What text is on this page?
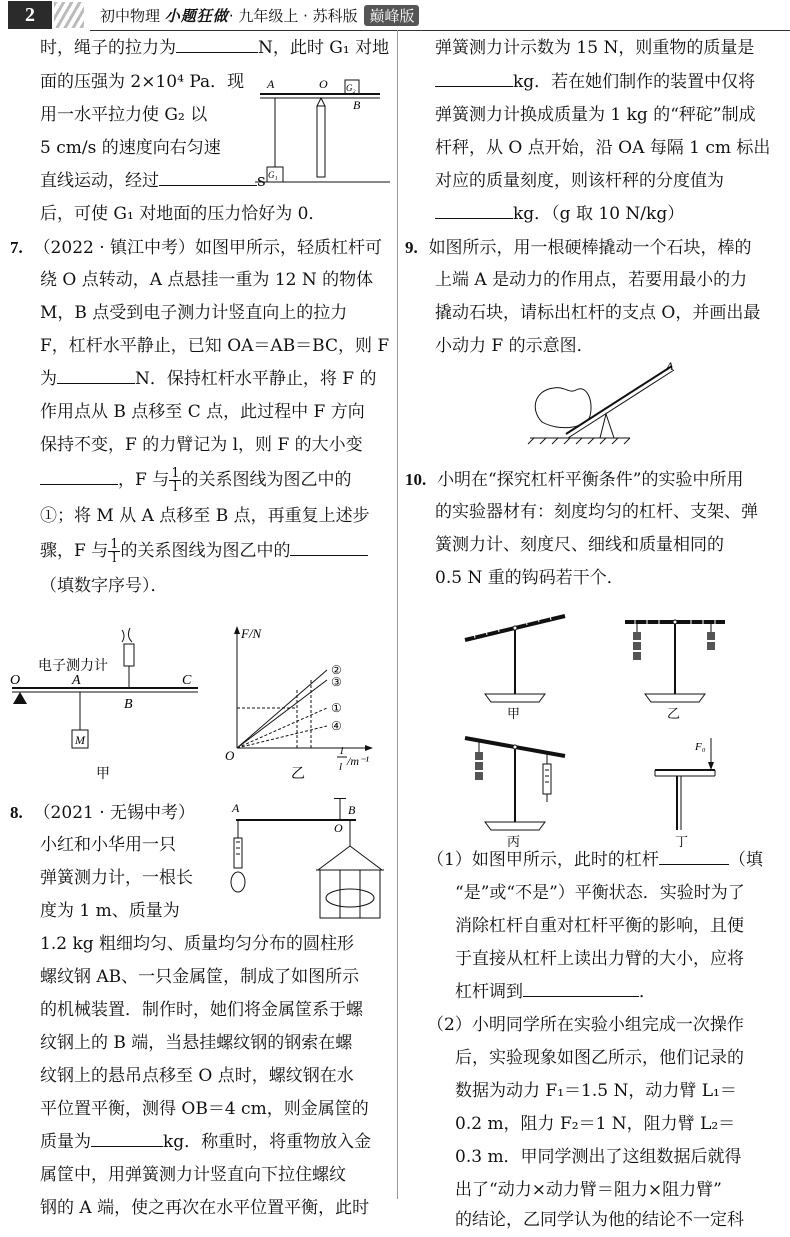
2	初中物理 小题狂做· 九年级上 · 苏科版 巅峰版
时，绳子的拉力为	N，此时 G₁ 对地
面的压强为 2×10⁴ Pa．现
用一水平拉力使 G₂ 以
5 cm/s 的速度向右匀速
直线运动，经过	s
后，可使 G₁ 对地面的压力恰好为 0．
A	O G₂
B
G₁
7. （2022 · 镇江中考）如图甲所示，轻质杠杆可
绕 O 点转动，A 点悬挂一重为 12 N 的物体
M，B 点受到电子测力计竖直向上的拉力
F，杠杆水平静止，已知 OA＝AB＝BC，则 F
为	N．保持杠杆水平静止，将 F 的
作用点从 B 点移至 C 点，此过程中 F 方向
保持不变，F 的力臂记为 l，则 F 的大小变
，F 与 $\frac{1}{l}$ 的关系图线为图乙中的
①；将 M 从 A 点移至 B 点，再重复上述步
骤，F 与 $\frac{1}{l}$ 的关系图线为图乙中的
（填数字序号）．
电子测力计
O	A
B
C
M
甲
F/N
O	1
l /m⁻¹
②
③
①
④
乙
8. （2021 · 无锡中考）
小红和小华用一只
弹簧测力计，一根长
度为 1 m、质量为
1.2 kg 粗细均匀、质量均匀分布的圆柱形
螺纹钢 AB、一只金属筐，制成了如图所示
的机械装置．制作时，她们将金属筐系于螺
纹钢上的 B 端，当悬挂螺纹钢的钢索在螺
纹钢上的悬吊点移至 O 点时，螺纹钢在水
平位置平衡，测得 OB＝4 cm，则金属筐的
质量为	kg．称重时，将重物放入金
属筐中，用弹簧测力计竖直向下拉住螺纹
钢的 A 端，使之再次在水平位置平衡，此时
A	B
O
弹簧测力计示数为 15 N，则重物的质量是
kg．若在她们制作的装置中仅将
弹簧测力计换成质量为 1 kg 的“秤砣”制成
杆秤，从 O 点开始，沿 OA 每隔 1 cm 标出
对应的质量刻度，则该杆秤的分度值为
kg．（g 取 10 N/kg）
9. 如图所示，用一根硬棒撬动一个石块，棒的
上端 A 是动力的作用点，若要用最小的力
撬动石块，请标出杠杆的支点 O，并画出最
小动力 F 的示意图．
A
10. 小明在“探究杠杆平衡条件”的实验中所用
的实验器材有：刻度均匀的杠杆、支架、弹
簧测力计、刻度尺、细线和质量相同的
0.5 N 重的钩码若干个．
甲	乙
丙
F₀
丁
（1）如图甲所示，此时的杠杆	（填
“是”或“不是”）平衡状态．实验时为了
消除杠杆自重对杠杆平衡的影响，且便
于直接从杠杆上读出力臂的大小，应将
杠杆调到	．
（2）小明同学所在实验小组完成一次操作
后，实验现象如图乙所示，他们记录的
数据为动力 F₁＝1.5 N，动力臂 L₁＝
0.2 m，阻力 F₂＝1 N，阻力臂 L₂＝
0.3 m．甲同学测出了这组数据后就得
出了“动力×动力臂＝阻力×阻力臂”
的结论，乙同学认为他的结论不一定科
